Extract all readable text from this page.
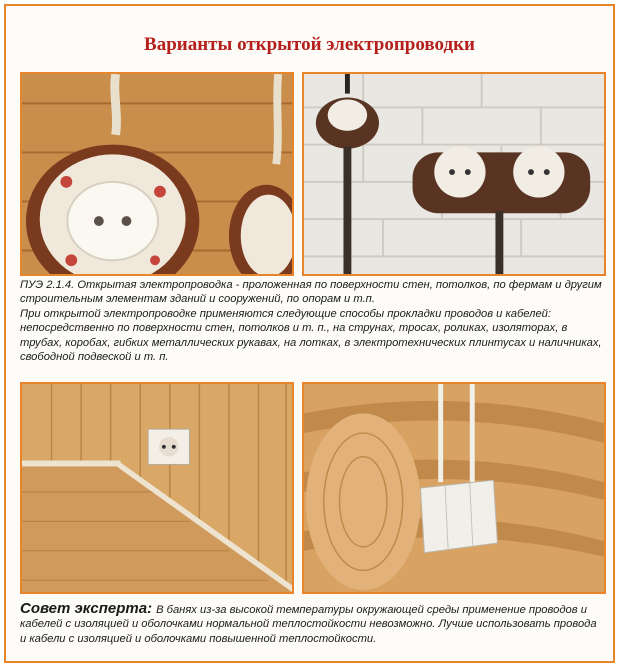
Варианты открытой электропроводки

ПУЭ 2.1.4. Открытая электропроводка - проложенная по поверхности стен, потолков, по фермам и другим строительным элементам зданий и сооружений, по опорам и т.п.

При открытой электропроводке применяются следующие способы прокладки проводов и кабелей: непосредственно по поверхности стен, потолков и т. п., на струнах, тросах, роликах, изоляторах, в трубах, коробах, гибких металлических рукавах, на лотках, в электротехнических плинтусах и наличниках, свободной подвеской и т. п.

Совет эксперта: В банях из-за высокой температуры окружающей среды применение проводов и кабелей с изоляцией и оболочками нормальной теплостойкости невозможно. Лучше использовать провода и кабели с изоляцией и оболочками повышенной теплостойкости.
